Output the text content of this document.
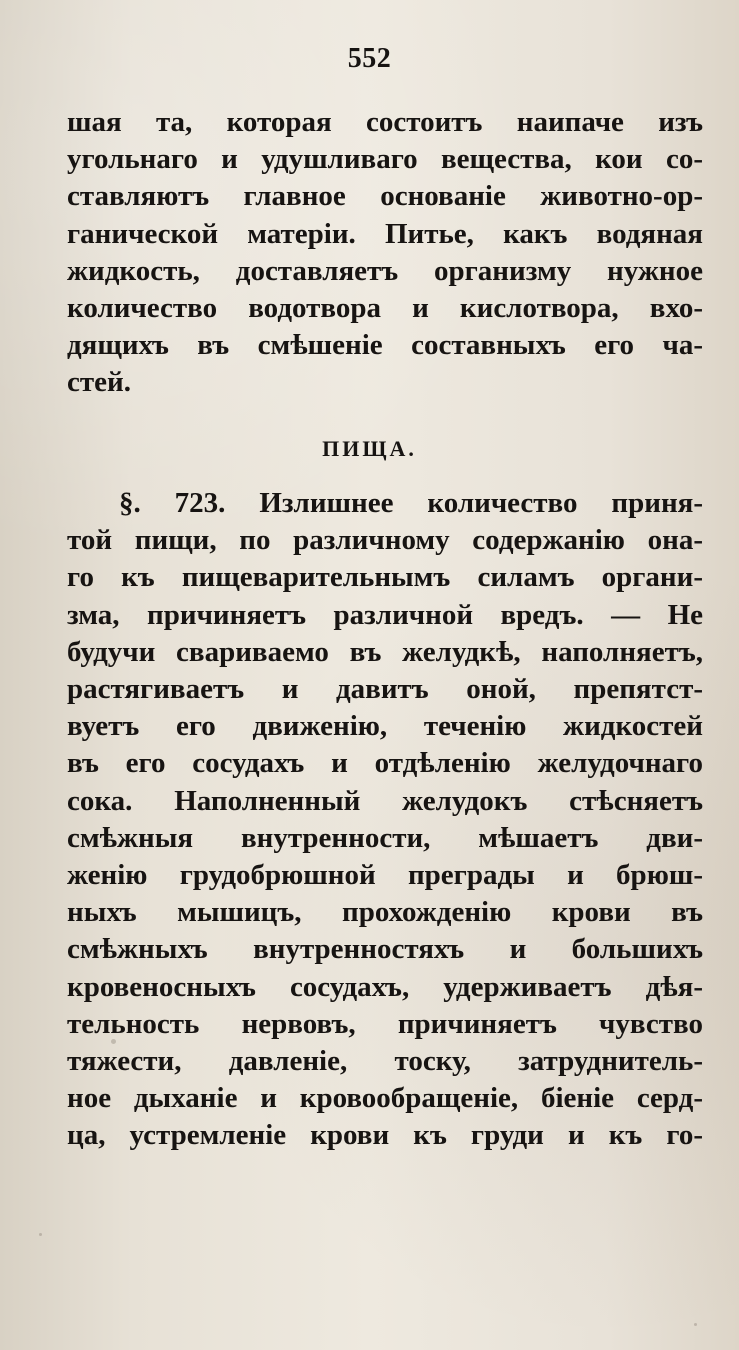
552
шая та, которая состоитъ наипаче изъ
угольнаго и удушливаго вещества, кои со-
ставляютъ главное основанiе животно-ор-
ганической матерiи. Питье, какъ водяная
жидкость, доставляетъ организму нужное
количество водотвора и кислотвора, вхо-
дящихъ въ смѣшенiе составныхъ его ча-
стей.
ПИЩА.
§. 723. Излишнее количество приня-
той пищи, по различному содержанiю она-
го къ пищеварительнымъ силамъ органи-
зма, причиняетъ различной вредъ. — Не
будучи свариваемо въ желудкѣ, наполняетъ,
растягиваетъ и давитъ оной, препятст-
вуетъ его движенiю, теченiю жидкостей
въ его сосудахъ и отдѣленiю желудочнаго
сока. Наполненный желудокъ стѣсняетъ
смѣжныя внутренности, мѣшаетъ дви-
женiю грудобрюшной преграды и брюш-
ныхъ мышицъ, прохожденiю крови въ
смѣжныхъ внутренностяхъ и большихъ
кровеносныхъ сосудахъ, удерживаетъ дѣя-
тельность нервовъ, причиняетъ чувство
тяжести, давленiе, тоску, затруднитель-
ное дыханiе и кровообращенiе, бiенiе серд-
ца, устремленiе крови къ груди и къ го-
